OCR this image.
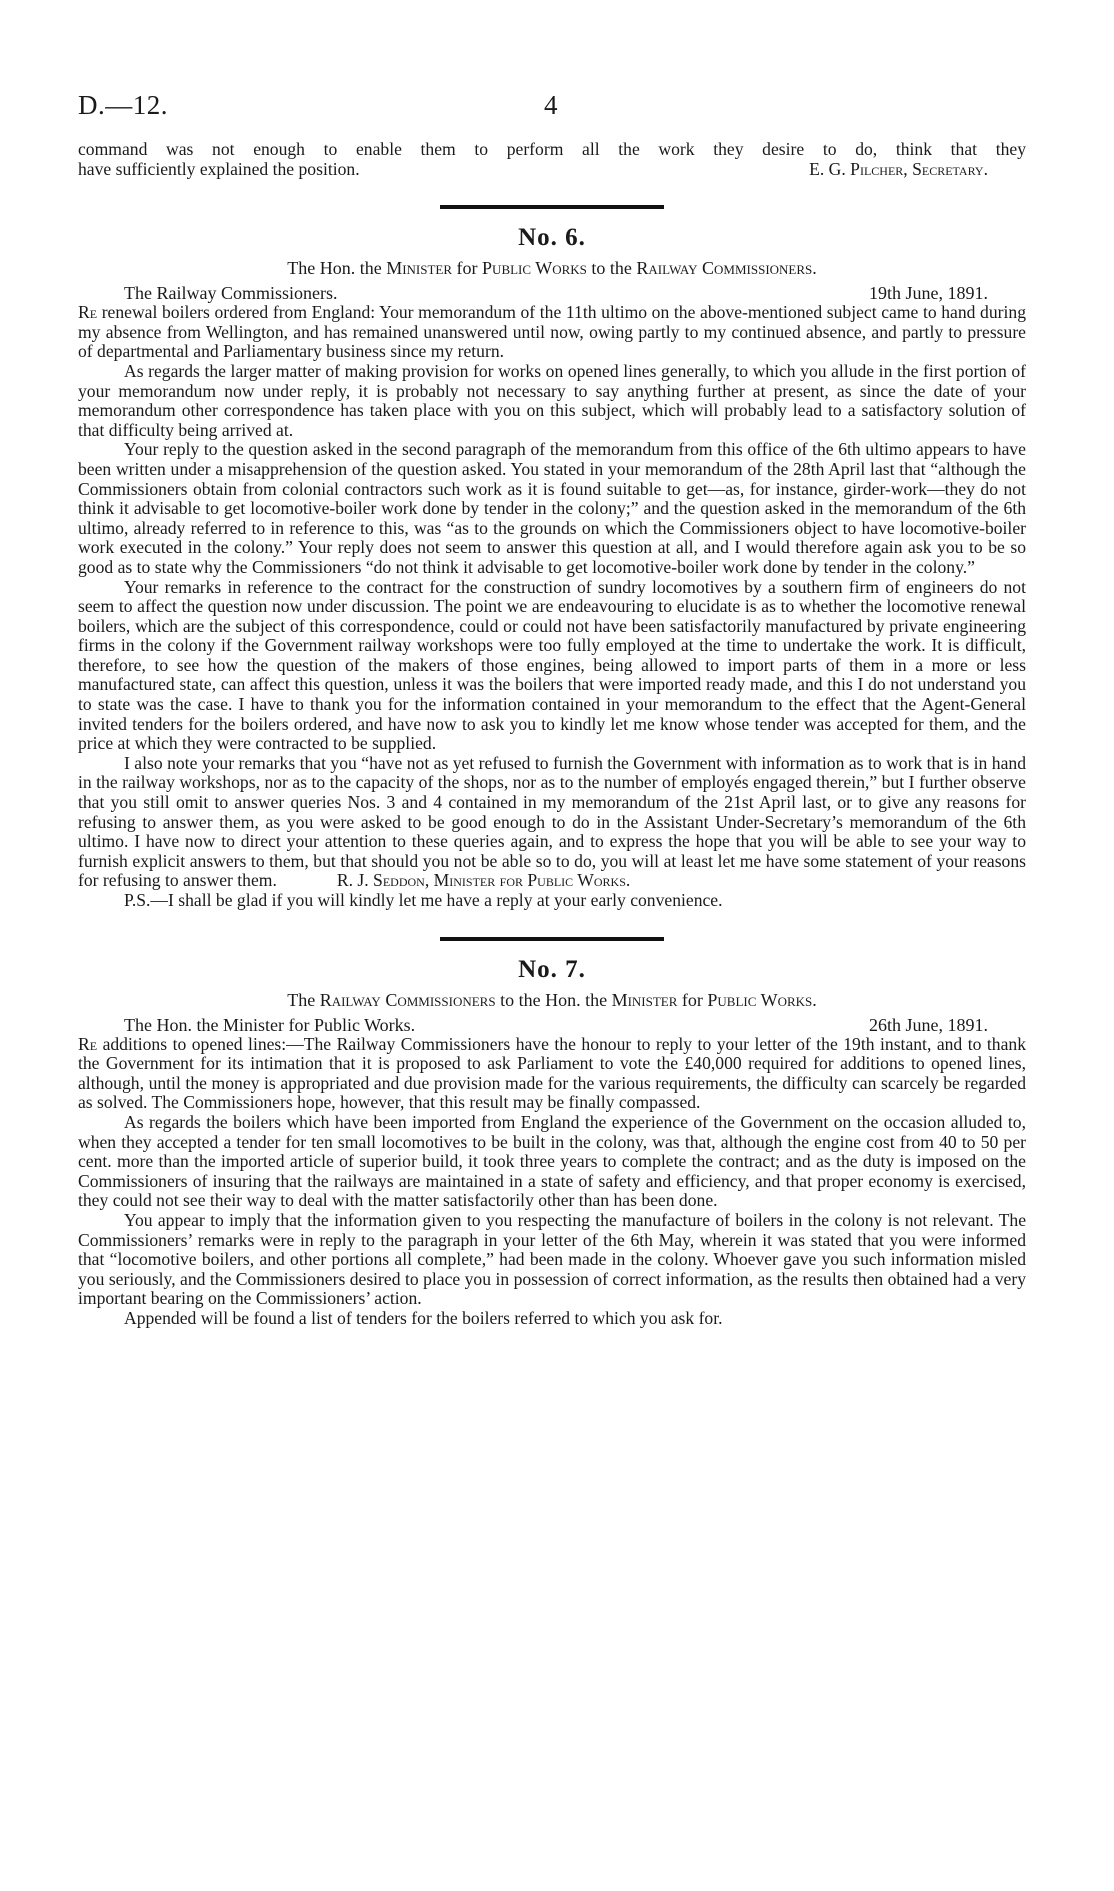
D.—12.	4

command was not enough to enable them to perform all the work they desire to do, think that they

have sufficiently explained the position.	E. G. Pilcher, Secretary.

No. 6.

The Hon. the Minister for Public Works to the Railway Commissioners.

The Railway Commissioners.	19th June, 1891.

Re renewal boilers ordered from England: Your memorandum of the 11th ultimo on the above-mentioned subject came to hand during my absence from Wellington, and has remained unanswered until now, owing partly to my continued absence, and partly to pressure of departmental and Parliamentary business since my return.

As regards the larger matter of making provision for works on opened lines generally, to which you allude in the first portion of your memorandum now under reply, it is probably not necessary to say anything further at present, as since the date of your memorandum other correspondence has taken place with you on this subject, which will probably lead to a satisfactory solution of that difficulty being arrived at.

Your reply to the question asked in the second paragraph of the memorandum from this office of the 6th ultimo appears to have been written under a misapprehension of the question asked. You stated in your memorandum of the 28th April last that “although the Commissioners obtain from colonial contractors such work as it is found suitable to get—as, for instance, girder-work—they do not think it advisable to get locomotive-boiler work done by tender in the colony;” and the question asked in the memorandum of the 6th ultimo, already referred to in reference to this, was “as to the grounds on which the Commissioners object to have locomotive-boiler work executed in the colony.” Your reply does not seem to answer this question at all, and I would therefore again ask you to be so good as to state why the Commissioners “do not think it advisable to get locomotive-boiler work done by tender in the colony.”

Your remarks in reference to the contract for the construction of sundry locomotives by a southern firm of engineers do not seem to affect the question now under discussion. The point we are endeavouring to elucidate is as to whether the locomotive renewal boilers, which are the subject of this correspondence, could or could not have been satisfactorily manufactured by private engineering firms in the colony if the Government railway workshops were too fully employed at the time to undertake the work. It is difficult, therefore, to see how the question of the makers of those engines, being allowed to import parts of them in a more or less manufactured state, can affect this question, unless it was the boilers that were imported ready made, and this I do not understand you to state was the case. I have to thank you for the information contained in your memorandum to the effect that the Agent-General invited tenders for the boilers ordered, and have now to ask you to kindly let me know whose tender was accepted for them, and the price at which they were contracted to be supplied.

I also note your remarks that you “have not as yet refused to furnish the Government with information as to work that is in hand in the railway workshops, nor as to the capacity of the shops, nor as to the number of employés engaged therein,” but I further observe that you still omit to answer queries Nos. 3 and 4 contained in my memorandum of the 21st April last, or to give any reasons for refusing to answer them, as you were asked to be good enough to do in the Assistant Under-Secretary’s memorandum of the 6th ultimo. I have now to direct your attention to these queries again, and to express the hope that you will be able to see your way to furnish explicit answers to them, but that should you not be able so to do, you will at least let me have some statement of your reasons for refusing to answer them.	R. J. Seddon, Minister for Public Works.

P.S.—I shall be glad if you will kindly let me have a reply at your early convenience.

No. 7.

The Railway Commissioners to the Hon. the Minister for Public Works.

The Hon. the Minister for Public Works.	26th June, 1891.

Re additions to opened lines:—The Railway Commissioners have the honour to reply to your letter of the 19th instant, and to thank the Government for its intimation that it is proposed to ask Parliament to vote the £40,000 required for additions to opened lines, although, until the money is appropriated and due provision made for the various requirements, the difficulty can scarcely be regarded as solved. The Commissioners hope, however, that this result may be finally compassed.

As regards the boilers which have been imported from England the experience of the Government on the occasion alluded to, when they accepted a tender for ten small locomotives to be built in the colony, was that, although the engine cost from 40 to 50 per cent. more than the imported article of superior build, it took three years to complete the contract; and as the duty is imposed on the Commissioners of insuring that the railways are maintained in a state of safety and efficiency, and that proper economy is exercised, they could not see their way to deal with the matter satisfactorily other than has been done.

You appear to imply that the information given to you respecting the manufacture of boilers in the colony is not relevant. The Commissioners’ remarks were in reply to the paragraph in your letter of the 6th May, wherein it was stated that you were informed that “locomotive boilers, and other portions all complete,” had been made in the colony. Whoever gave you such information misled you seriously, and the Commissioners desired to place you in possession of correct information, as the results then obtained had a very important bearing on the Commissioners’ action.

Appended will be found a list of tenders for the boilers referred to which you ask for.
